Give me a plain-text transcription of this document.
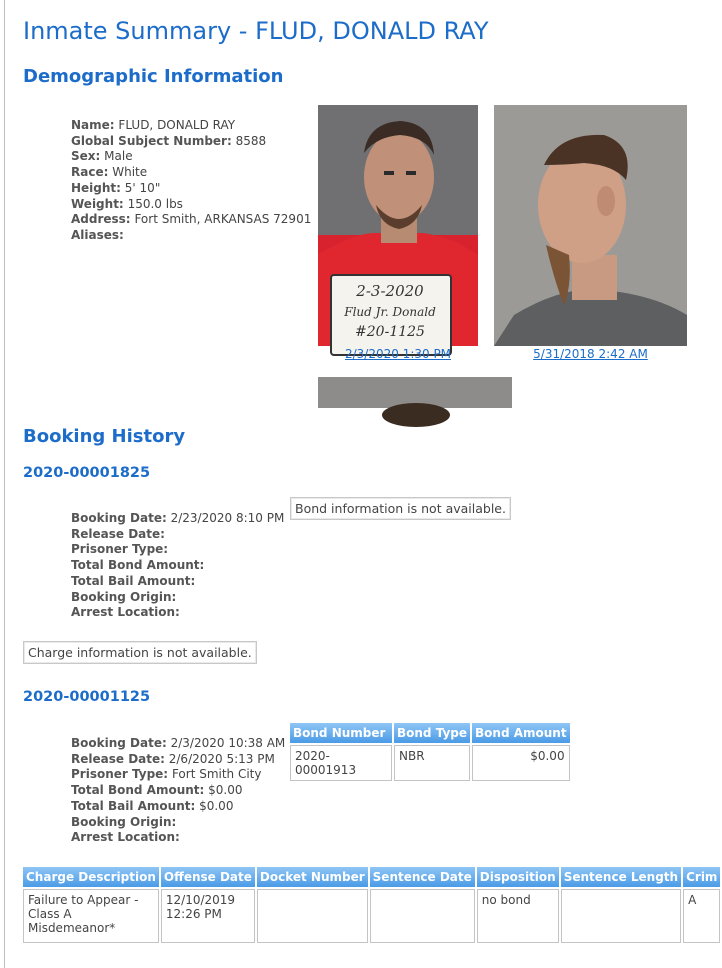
Inmate Summary - FLUD, DONALD RAY
Demographic Information
Name: FLUD, DONALD RAY
Global Subject Number: 8588
Sex: Male
Race: White
Height: 5' 10"
Weight: 150.0 lbs
Address: Fort Smith, ARKANSAS 72901
Aliases:
2-3-2020
Flud Jr. Donald
#20-1125
2/3/2020 1:30 PM	5/31/2018 2:42 AM
Booking History
2020-00001825
Booking Date: 2/23/2020 8:10 PM
Release Date:
Prisoner Type:
Total Bond Amount:
Total Bail Amount:
Booking Origin:
Arrest Location:
Bond information is not available.
Charge information is not available.
2020-00001125
Booking Date: 2/3/2020 10:38 AM
Release Date: 2/6/2020 5:13 PM
Prisoner Type: Fort Smith City
Total Bond Amount: $0.00
Total Bail Amount: $0.00
Booking Origin:
Arrest Location:
Bond Number	Bond Type	Bond Amount
2020-00001913	NBR	$0.00
Charge Description	Offense Date	Docket Number	Sentence Date	Disposition	Sentence Length	Crim
Failure to Appear - Class A Misdemeanor*	12/10/2019 12:26 PM			no bond		A
